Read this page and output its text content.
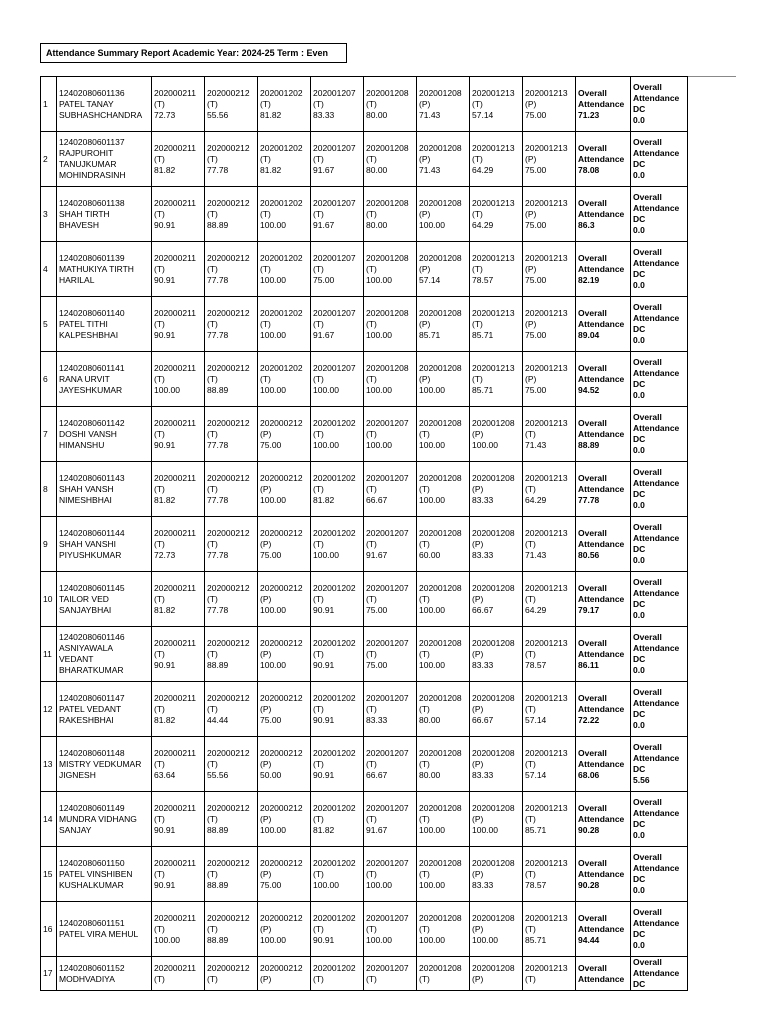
Attendance Summary Report Academic Year: 2024-25 Term : Even
1	12402080601136
PATEL TANAY
SUBHASHCHANDRA	202000211
(T)
72.73	202000212
(T)
55.56	202001202
(T)
81.82	202001207
(T)
83.33	202001208
(T)
80.00	202001208
(P)
71.43	202001213
(T)
57.14	202001213
(P)
75.00	Overall
Attendance
71.23	Overall
Attendance
DC
0.0

2	12402080601137
RAJPUROHIT
TANUJKUMAR
MOHINDRASINH	202000211
(T)
81.82	202000212
(T)
77.78	202001202
(T)
81.82	202001207
(T)
91.67	202001208
(T)
80.00	202001208
(P)
71.43	202001213
(T)
64.29	202001213
(P)
75.00	Overall
Attendance
78.08	Overall
Attendance
DC
0.0

3	12402080601138
SHAH TIRTH
BHAVESH	202000211
(T)
90.91	202000212
(T)
88.89	202001202
(T)
100.00	202001207
(T)
91.67	202001208
(T)
80.00	202001208
(P)
100.00	202001213
(T)
64.29	202001213
(P)
75.00	Overall
Attendance
86.3	Overall
Attendance
DC
0.0

4	12402080601139
MATHUKIYA TIRTH
HARILAL	202000211
(T)
90.91	202000212
(T)
77.78	202001202
(T)
100.00	202001207
(T)
75.00	202001208
(T)
100.00	202001208
(P)
57.14	202001213
(T)
78.57	202001213
(P)
75.00	Overall
Attendance
82.19	Overall
Attendance
DC
0.0

5	12402080601140
PATEL TITHI
KALPESHBHAI	202000211
(T)
90.91	202000212
(T)
77.78	202001202
(T)
100.00	202001207
(T)
91.67	202001208
(T)
100.00	202001208
(P)
85.71	202001213
(T)
85.71	202001213
(P)
75.00	Overall
Attendance
89.04	Overall
Attendance
DC
0.0

6	12402080601141
RANA URVIT
JAYESHKUMAR	202000211
(T)
100.00	202000212
(T)
88.89	202001202
(T)
100.00	202001207
(T)
100.00	202001208
(T)
100.00	202001208
(P)
100.00	202001213
(T)
85.71	202001213
(P)
75.00	Overall
Attendance
94.52	Overall
Attendance
DC
0.0

7	12402080601142
DOSHI VANSH
HIMANSHU	202000211
(T)
90.91	202000212
(T)
77.78	202000212
(P)
75.00	202001202
(T)
100.00	202001207
(T)
100.00	202001208
(T)
100.00	202001208
(P)
100.00	202001213
(T)
71.43	Overall
Attendance
88.89	Overall
Attendance
DC
0.0

8	12402080601143
SHAH VANSH
NIMESHBHAI	202000211
(T)
81.82	202000212
(T)
77.78	202000212
(P)
100.00	202001202
(T)
81.82	202001207
(T)
66.67	202001208
(T)
100.00	202001208
(P)
83.33	202001213
(T)
64.29	Overall
Attendance
77.78	Overall
Attendance
DC
0.0

9	12402080601144
SHAH VANSHI
PIYUSHKUMAR	202000211
(T)
72.73	202000212
(T)
77.78	202000212
(P)
75.00	202001202
(T)
100.00	202001207
(T)
91.67	202001208
(T)
60.00	202001208
(P)
83.33	202001213
(T)
71.43	Overall
Attendance
80.56	Overall
Attendance
DC
0.0

10	12402080601145
TAILOR VED
SANJAYBHAI	202000211
(T)
81.82	202000212
(T)
77.78	202000212
(P)
100.00	202001202
(T)
90.91	202001207
(T)
75.00	202001208
(T)
100.00	202001208
(P)
66.67	202001213
(T)
64.29	Overall
Attendance
79.17	Overall
Attendance
DC
0.0

11	12402080601146
ASNIYAWALA
VEDANT
BHARATKUMAR	202000211
(T)
90.91	202000212
(T)
88.89	202000212
(P)
100.00	202001202
(T)
90.91	202001207
(T)
75.00	202001208
(T)
100.00	202001208
(P)
83.33	202001213
(T)
78.57	Overall
Attendance
86.11	Overall
Attendance
DC
0.0

12	12402080601147
PATEL VEDANT
RAKESHBHAI	202000211
(T)
81.82	202000212
(T)
44.44	202000212
(P)
75.00	202001202
(T)
90.91	202001207
(T)
83.33	202001208
(T)
80.00	202001208
(P)
66.67	202001213
(T)
57.14	Overall
Attendance
72.22	Overall
Attendance
DC
0.0

13	12402080601148
MISTRY VEDKUMAR
JIGNESH	202000211
(T)
63.64	202000212
(T)
55.56	202000212
(P)
50.00	202001202
(T)
90.91	202001207
(T)
66.67	202001208
(T)
80.00	202001208
(P)
83.33	202001213
(T)
57.14	Overall
Attendance
68.06	Overall
Attendance
DC
5.56

14	12402080601149
MUNDRA VIDHANG
SANJAY	202000211
(T)
90.91	202000212
(T)
88.89	202000212
(P)
100.00	202001202
(T)
81.82	202001207
(T)
91.67	202001208
(T)
100.00	202001208
(P)
100.00	202001213
(T)
85.71	Overall
Attendance
90.28	Overall
Attendance
DC
0.0

15	12402080601150
PATEL VINSHIBEN
KUSHALKUMAR	202000211
(T)
90.91	202000212
(T)
88.89	202000212
(P)
75.00	202001202
(T)
100.00	202001207
(T)
100.00	202001208
(T)
100.00	202001208
(P)
83.33	202001213
(T)
78.57	Overall
Attendance
90.28	Overall
Attendance
DC
0.0

16	12402080601151
PATEL VIRA MEHUL	202000211
(T)
100.00	202000212
(T)
88.89	202000212
(P)
100.00	202001202
(T)
90.91	202001207
(T)
100.00	202001208
(T)
100.00	202001208
(P)
100.00	202001213
(T)
85.71	Overall
Attendance
94.44	Overall
Attendance
DC
0.0

17	12402080601152
MODHVADIYA	202000211
(T)	202000212
(T)	202000212
(P)	202001202
(T)	202001207
(T)	202001208
(T)	202001208
(P)	202001213
(T)	Overall
Attendance	Overall
Attendance
DC
